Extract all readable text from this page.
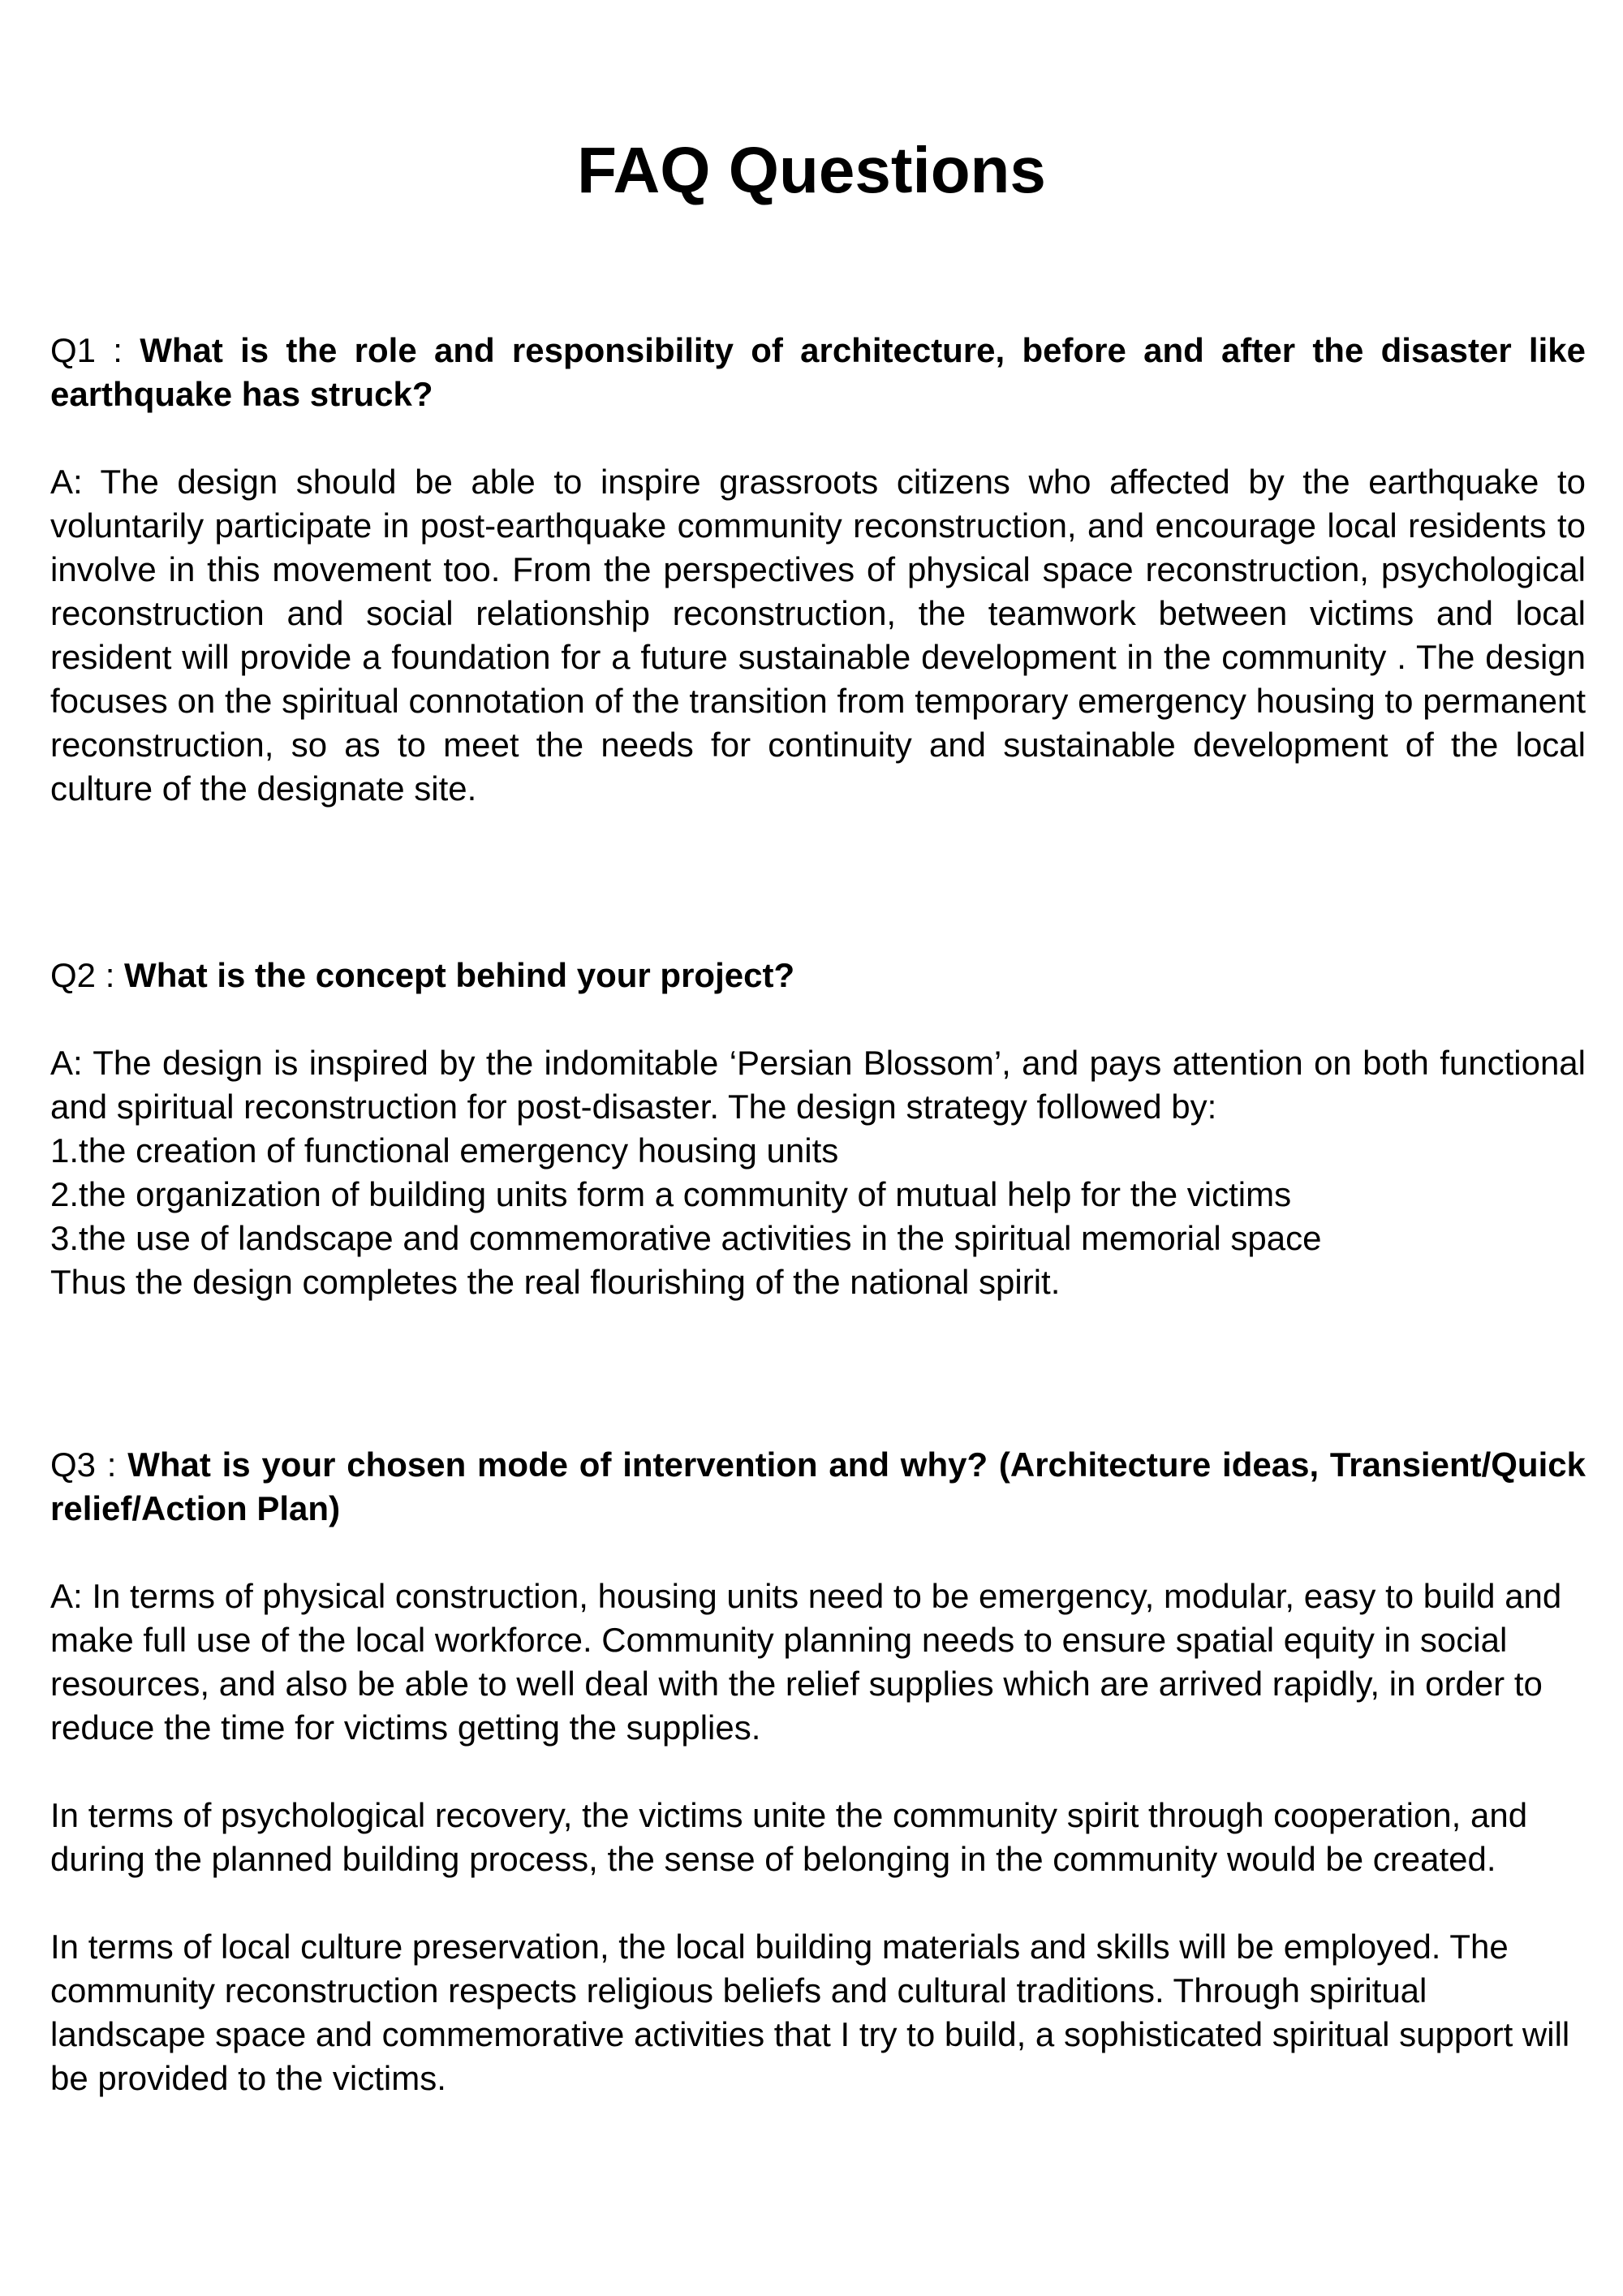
FAQ Questions

Q1 : What is the role and responsibility of architecture, before and after the disaster like earthquake has struck?

A: The design should be able to inspire grassroots citizens who affected by the earthquake to voluntarily participate in post-earthquake community reconstruction, and encourage local residents to involve in this movement too. From the perspectives of physical space reconstruction, psychological reconstruction and social relationship reconstruction, the teamwork between victims and local resident will provide a foundation for a future sustainable development in the community . The design focuses on the spiritual connotation of the transition from temporary emergency housing to permanent reconstruction, so as to meet the needs for continuity and sustainable development of the local culture of the designate site.

Q2 : What is the concept behind your project?

A: The design is inspired by the indomitable ‘Persian Blossom’, and pays attention on both functional and spiritual reconstruction for post-disaster. The design strategy followed by:
1.the creation of functional emergency housing units
2.the organization of building units form a community of mutual help for the victims
3.the use of landscape and commemorative activities in the spiritual memorial space
Thus the design completes the real flourishing of the national spirit.

Q3 : What is your chosen mode of intervention and why? (Architecture ideas, Transient/Quick relief/Action Plan)

A: In terms of physical construction, housing units need to be emergency, modular, easy to build and make full use of the local workforce. Community planning needs to ensure spatial equity in social resources, and also be able to well deal with the relief supplies which are arrived rapidly, in order to reduce the time for victims getting the supplies.

In terms of psychological recovery, the victims unite the community spirit through cooperation, and during the planned building process, the sense of belonging in the community would be created.

In terms of local culture preservation, the local building materials and skills will be employed. The community reconstruction respects religious beliefs and cultural traditions. Through spiritual landscape space and commemorative activities that I try to build, a sophisticated spiritual support will be provided to the victims.
